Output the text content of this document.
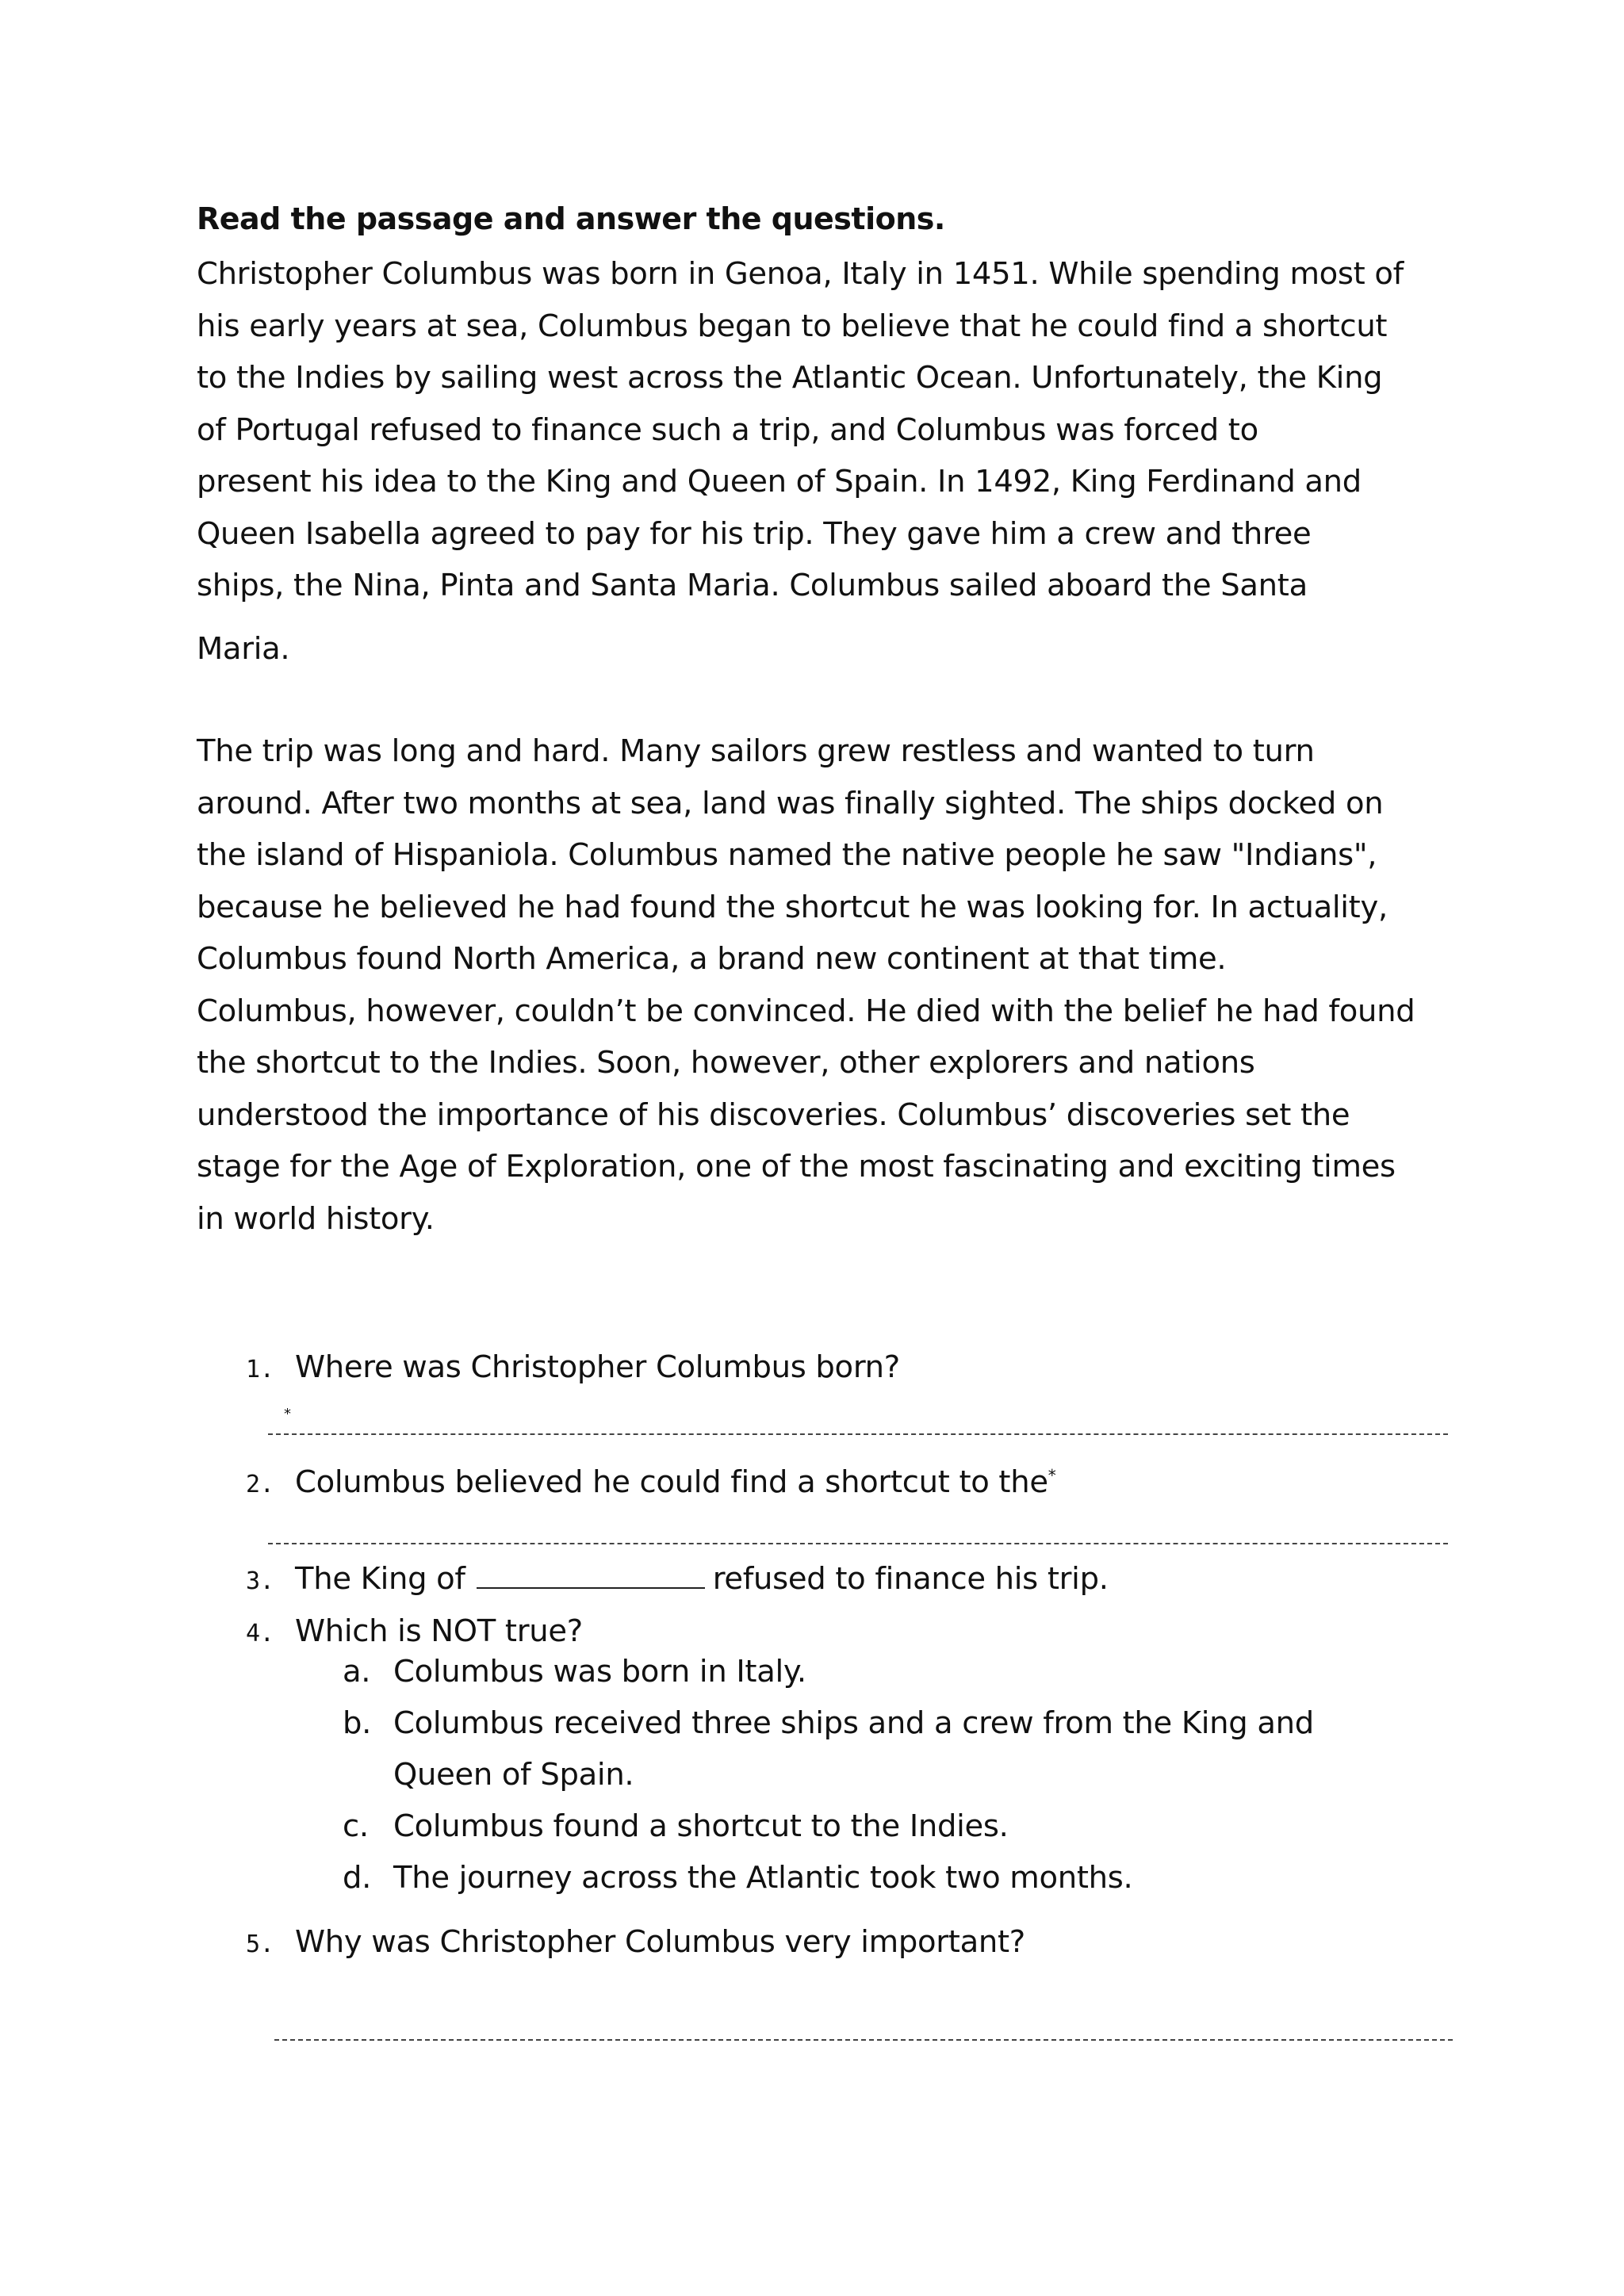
Read the passage and answer the questions.

Christopher Columbus was born in Genoa, Italy in 1451. While spending most of
his early years at sea, Columbus began to believe that he could find a shortcut
to the Indies by sailing west across the Atlantic Ocean. Unfortunately, the King
of Portugal refused to finance such a trip, and Columbus was forced to
present his idea to the King and Queen of Spain. In 1492, King Ferdinand and
Queen Isabella agreed to pay for his trip. They gave him a crew and three
ships, the Nina, Pinta and Santa Maria. Columbus sailed aboard the Santa
Maria.

The trip was long and hard. Many sailors grew restless and wanted to turn
around. After two months at sea, land was finally sighted. The ships docked on
the island of Hispaniola. Columbus named the native people he saw "Indians",
because he believed he had found the shortcut he was looking for. In actuality,
Columbus found North America, a brand new continent at that time.
Columbus, however, couldn’t be convinced. He died with the belief he had found
the shortcut to the Indies. Soon, however, other explorers and nations
understood the importance of his discoveries. Columbus’ discoveries set the
stage for the Age of Exploration, one of the most fascinating and exciting times
in world history.

1. Where was Christopher Columbus born?
*
2. Columbus believed he could find a shortcut to the*
3. The King of	refused to finance his trip.
4. Which is NOT true?
a. Columbus was born in Italy.
b. Columbus received three ships and a crew from the King and
Queen of Spain.
c. Columbus found a shortcut to the Indies.
d. The journey across the Atlantic took two months.
5. Why was Christopher Columbus very important?
